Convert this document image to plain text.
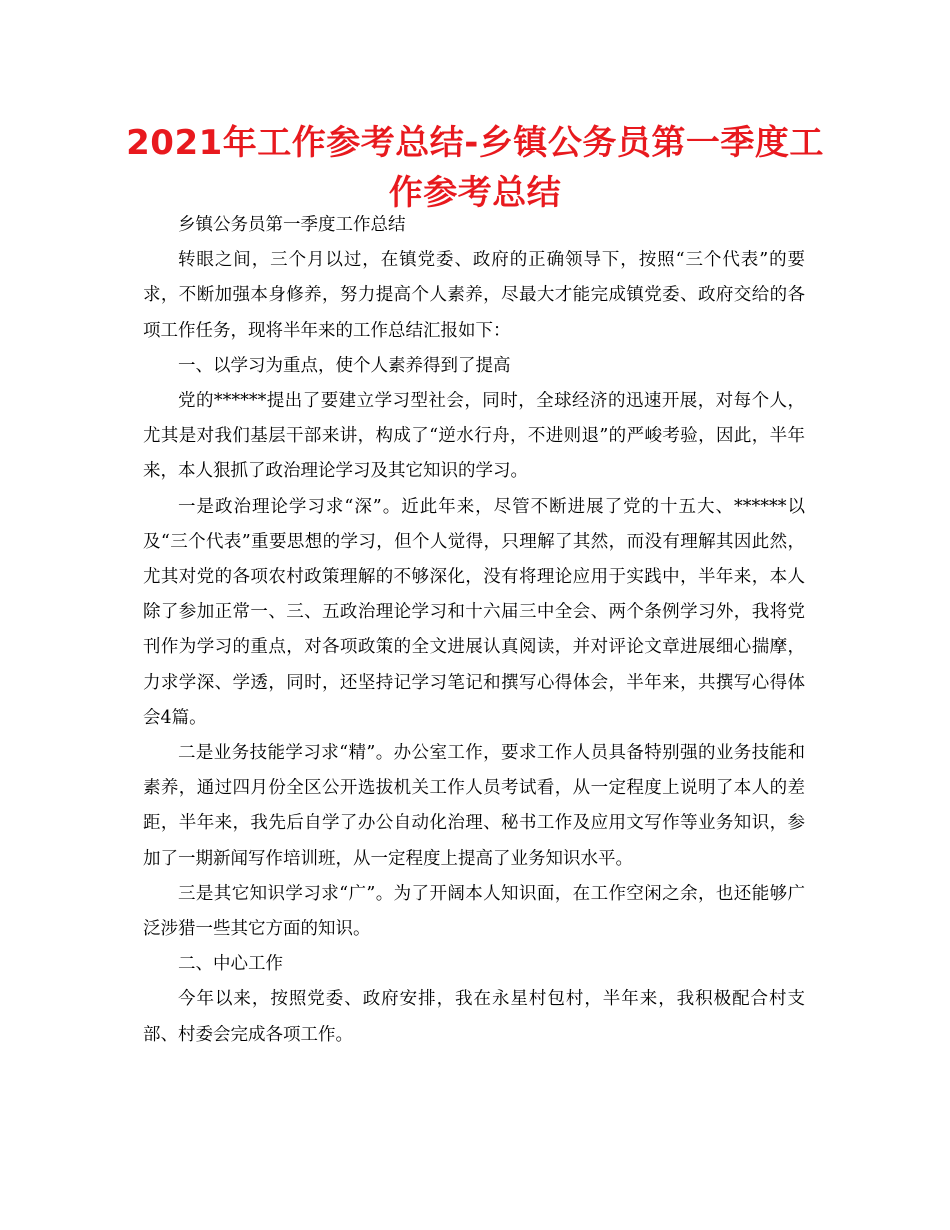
2021年工作参考总结-乡镇公务员第一季度工作参考总结

乡镇公务员第一季度工作总结

转眼之间，三个月以过，在镇党委、政府的正确领导下，按照“三个代表”的要求，不断加强本身修养，努力提高个人素养，尽最大才能完成镇党委、政府交给的各项工作任务，现将半年来的工作总结汇报如下：

一、以学习为重点，使个人素养得到了提高

党的******提出了要建立学习型社会，同时，全球经济的迅速开展，对每个人，尤其是对我们基层干部来讲，构成了“逆水行舟，不进则退”的严峻考验，因此，半年来，本人狠抓了政治理论学习及其它知识的学习。

一是政治理论学习求“深”。近此年来，尽管不断进展了党的十五大、******以及“三个代表”重要思想的学习，但个人觉得，只理解了其然，而没有理解其因此然，尤其对党的各项农村政策理解的不够深化，没有将理论应用于实践中，半年来，本人除了参加正常一、三、五政治理论学习和十六届三中全会、两个条例学习外，我将党刊作为学习的重点，对各项政策的全文进展认真阅读，并对评论文章进展细心揣摩，力求学深、学透，同时，还坚持记学习笔记和撰写心得体会，半年来，共撰写心得体会4篇。

二是业务技能学习求“精”。办公室工作，要求工作人员具备特别强的业务技能和素养，通过四月份全区公开选拔机关工作人员考试看，从一定程度上说明了本人的差距，半年来，我先后自学了办公自动化治理、秘书工作及应用文写作等业务知识，参加了一期新闻写作培训班，从一定程度上提高了业务知识水平。

三是其它知识学习求“广”。为了开阔本人知识面，在工作空闲之余，也还能够广泛涉猎一些其它方面的知识。

二、中心工作

今年以来，按照党委、政府安排，我在永星村包村，半年来，我积极配合村支部、村委会完成各项工作。
